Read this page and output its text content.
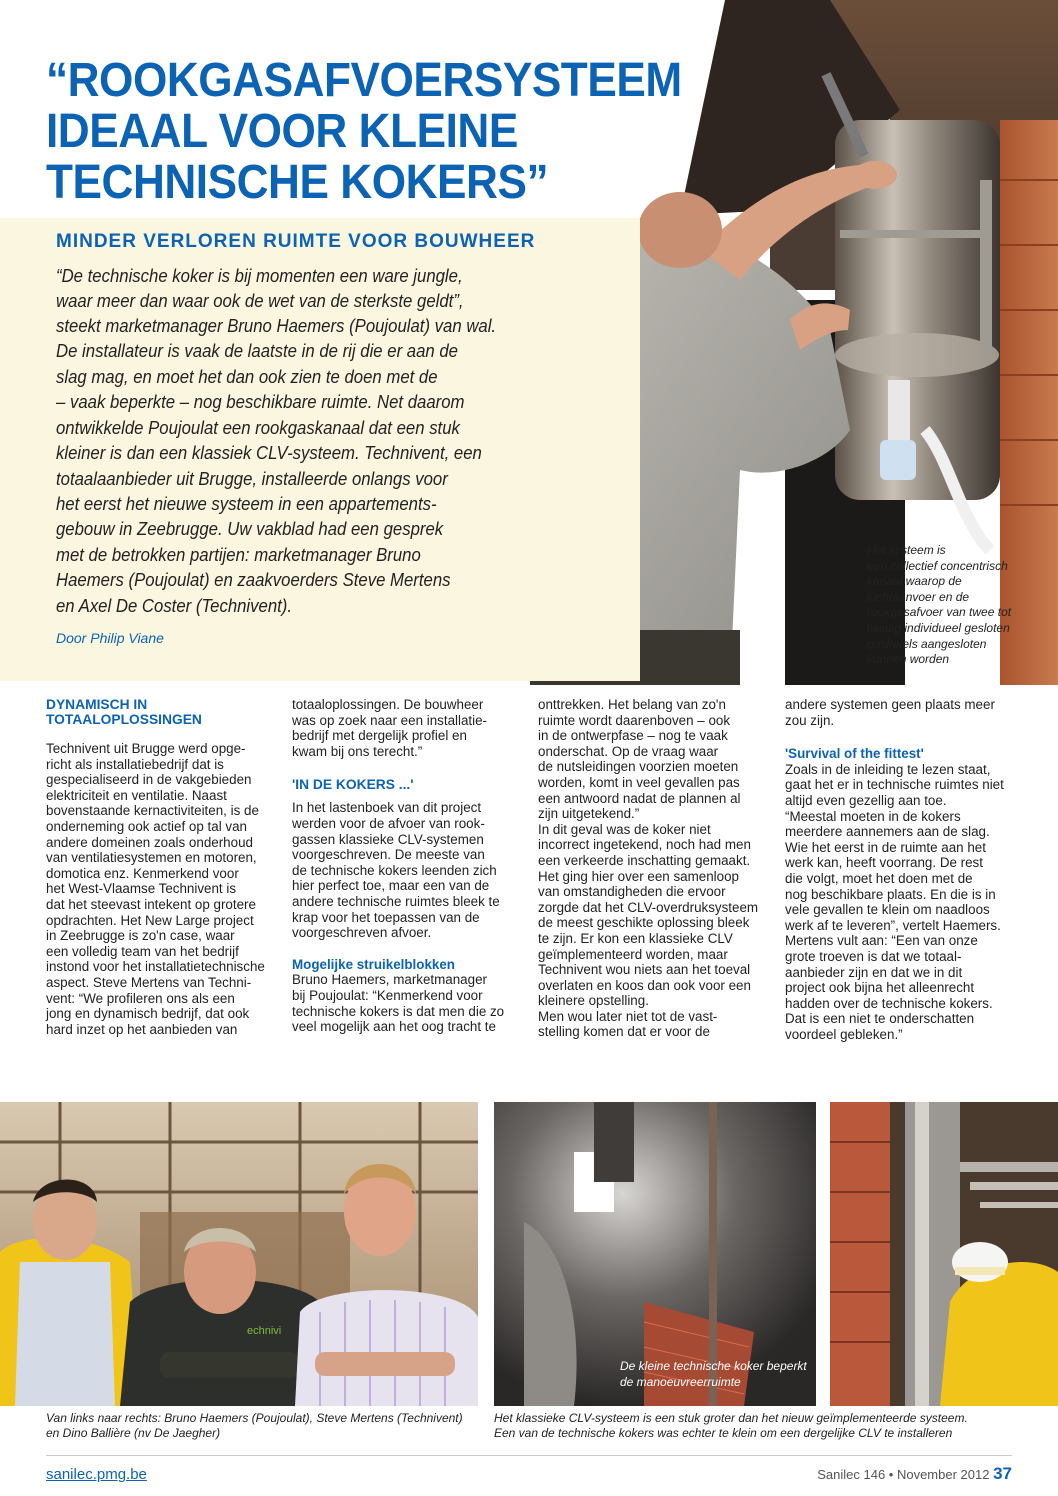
“ROOKGASAFVOERSYSTEEM
IDEAAL VOOR KLEINE
TECHNISCHE KOKERS”
MINDER VERLOREN RUIMTE VOOR BOUWHEER
“De technische koker is bij momenten een ware jungle,
waar meer dan waar ook de wet van de sterkste geldt”,
steekt marketmanager Bruno Haemers (Poujoulat) van wal.
De installateur is vaak de laatste in de rij die er aan de
slag mag, en moet het dan ook zien te doen met de
– vaak beperkte – nog beschikbare ruimte. Net daarom
ontwikkelde Poujoulat een rookgaskanaal dat een stuk
kleiner is dan een klassiek CLV-systeem. Technivent, een
totaalaanbieder uit Brugge, installeerde onlangs voor
het eerst het nieuwe systeem in een appartements-
gebouw in Zeebrugge. Uw vakblad had een gesprek
met de betrokken partijen: marketmanager Bruno
Haemers (Poujoulat) en zaakvoerders Steve Mertens
en Axel De Coster (Technivent).
Door Philip Viane
Het systeem is
een collectief concentrisch
kanaal waarop de
luchtaanvoer en de
rookgasafvoer van twee tot
twintig individueel gesloten
gasketels aangesloten
kunnen worden

DYNAMISCH IN

TOTAALOPLOSSINGEN

Technivent uit Brugge werd opge-

richt als installatiebedrijf dat is

gespecialiseerd in de vakgebieden

elektriciteit en ventilatie. Naast

bovenstaande kernactiviteiten, is de

onderneming ook actief op tal van

andere domeinen zoals onderhoud

van ventilatiesystemen en motoren,

domotica enz. Kenmerkend voor

het West-Vlaamse Technivent is

dat het steevast intekent op grotere

opdrachten. Het New Large project

in Zeebrugge is zo'n case, waar

een volledig team van het bedrijf

instond voor het installatietechnische

aspect. Steve Mertens van Techni-

vent: “We profileren ons als een

jong en dynamisch bedrijf, dat ook

hard inzet op het aanbieden van

totaaloplossingen. De bouwheer

was op zoek naar een installatie-

bedrijf met dergelijk profiel en

kwam bij ons terecht.”

'IN DE KOKERS ...'

In het lastenboek van dit project

werden voor de afvoer van rook-

gassen klassieke CLV-systemen

voorgeschreven. De meeste van

de technische kokers leenden zich

hier perfect toe, maar een van de

andere technische ruimtes bleek te

krap voor het toepassen van de

voorgeschreven afvoer.

Mogelijke struikelblokken

Bruno Haemers, marketmanager

bij Poujoulat: “Kenmerkend voor

technische kokers is dat men die zo

veel mogelijk aan het oog tracht te

onttrekken. Het belang van zo'n

ruimte wordt daarenboven – ook

in de ontwerpfase – nog te vaak

onderschat. Op de vraag waar

de nutsleidingen voorzien moeten

worden, komt in veel gevallen pas

een antwoord nadat de plannen al

zijn uitgetekend.”

In dit geval was de koker niet

incorrect ingetekend, noch had men

een verkeerde inschatting gemaakt.

Het ging hier over een samenloop

van omstandigheden die ervoor

zorgde dat het CLV-overdruksysteem

de meest geschikte oplossing bleek

te zijn. Er kon een klassieke CLV

geïmplementeerd worden, maar

Technivent wou niets aan het toeval

overlaten en koos dan ook voor een

kleinere opstelling.

Men wou later niet tot de vast-

stelling komen dat er voor de

andere systemen geen plaats meer

zou zijn.

'Survival of the fittest'

Zoals in de inleiding te lezen staat,

gaat het er in technische ruimtes niet

altijd even gezellig aan toe.

“Meestal moeten in de kokers

meerdere aannemers aan de slag.

Wie het eerst in de ruimte aan het

werk kan, heeft voorrang. De rest

die volgt, moet het doen met de

nog beschikbare plaats. En die is in

vele gevallen te klein om naadloos

werk af te leveren”, vertelt Haemers.

Mertens vult aan: “Een van onze

grote troeven is dat we totaal-

aanbieder zijn en dat we in dit

project ook bijna het alleenrecht

hadden over de technische kokers.

Dat is een niet te onderschatten

voordeel gebleken.”

echnivi
De kleine technische koker beperkt
de manoeuvreerruimte
Van links naar rechts: Bruno Haemers (Poujoulat), Steve Mertens (Technivent)
en Dino Ballière (nv De Jaegher)
Het klassieke CLV-systeem is een stuk groter dan het nieuw geïmplementeerde systeem.
Een van de technische kokers was echter te klein om een dergelijke CLV te installeren
sanilec.pmg.be	Sanilec 146 • November 2012 37
